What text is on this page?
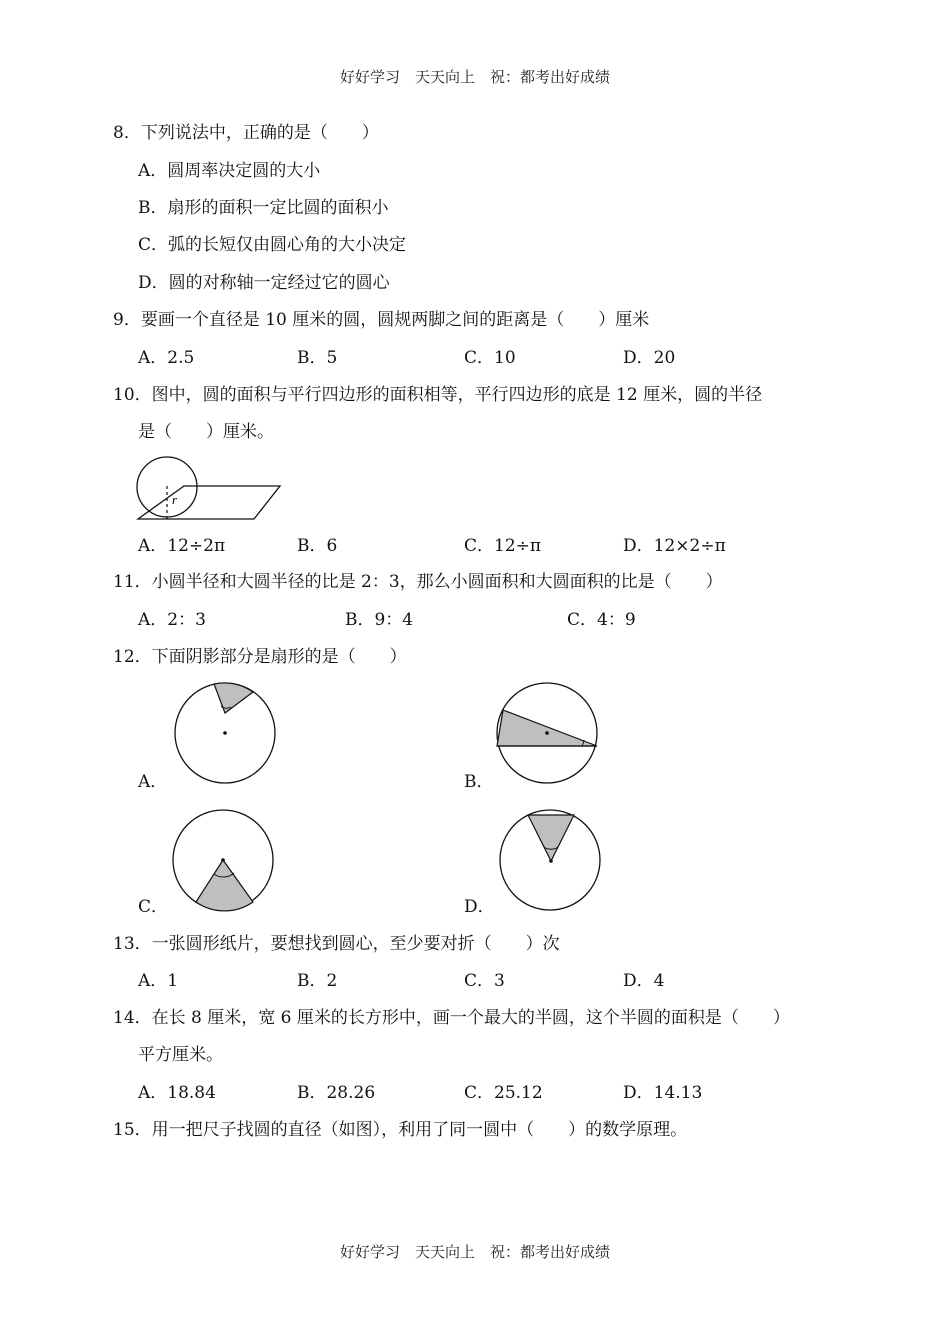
好好学习　天天向上　祝：都考出好成绩
好好学习　天天向上　祝：都考出好成绩
8．下列说法中，正确的是（　　）
A．圆周率决定圆的大小
B．扇形的面积一定比圆的面积小
C．弧的长短仅由圆心角的大小决定
D．圆的对称轴一定经过它的圆心
9．要画一个直径是 10 厘米的圆，圆规两脚之间的距离是（　　）厘米
A．2.5	B．5	C．10	D．20
10．图中，圆的面积与平行四边形的面积相等，平行四边形的底是 12 厘米，圆的半径
是（　　）厘米。
r
A．12÷2π	B．6	C．12÷π	D．12×2÷π
11．小圆半径和大圆半径的比是 2：3，那么小圆面积和大圆面积的比是（　　）
A．2：3	B．9：4	C．4：9
12．下面阴影部分是扇形的是（　　）
A．	B．
C．	D．
13．一张圆形纸片，要想找到圆心，至少要对折（　　）次
A．1	B．2	C．3	D．4
14．在长 8 厘米，宽 6 厘米的长方形中，画一个最大的半圆，这个半圆的面积是（　　）
平方厘米。
A．18.84	B．28.26	C．25.12	D．14.13
15．用一把尺子找圆的直径（如图），利用了同一圆中（　　）的数学原理。
